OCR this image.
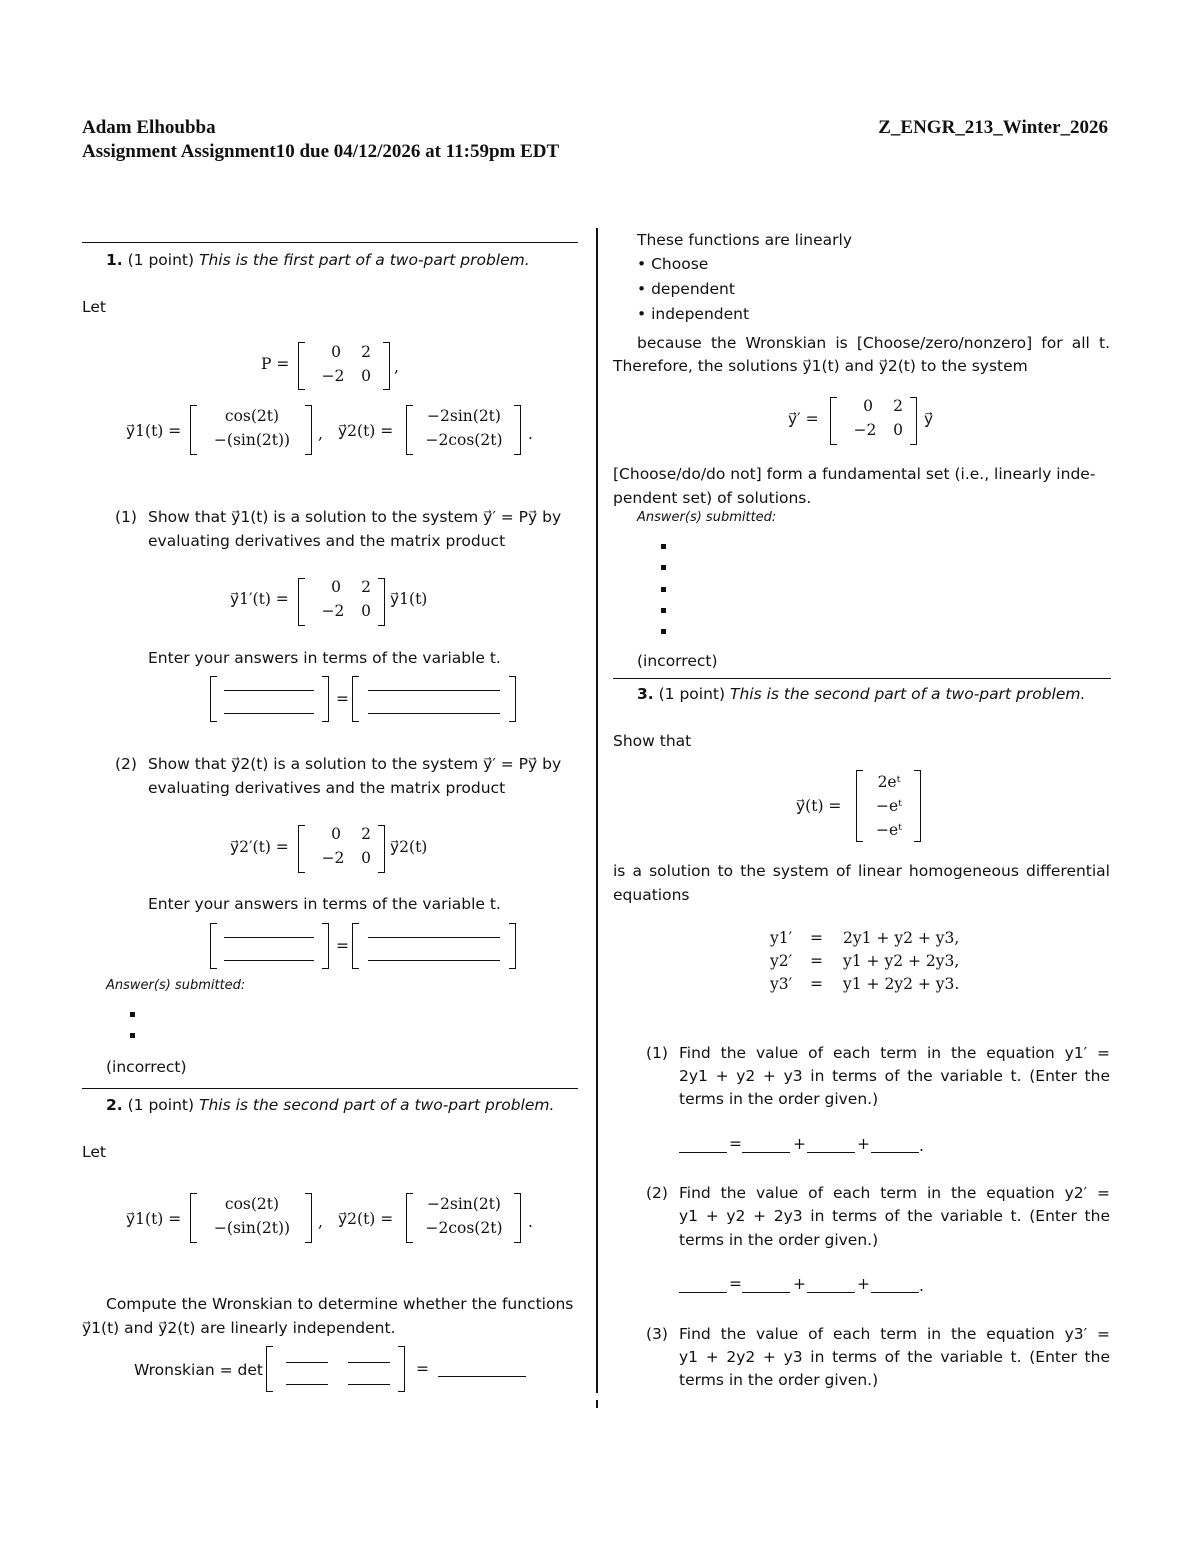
Adam Elhoubba	Z_ENGR_213_Winter_2026
Assignment Assignment10 due 04/12/2026 at 11:59pm EDT
1. (1 point) This is the first part of a two-part problem.
Let
P =
0	2
−2	0	,
y⃗1(t) =
cos(2t)
−(sin(2t))	, y⃗2(t) =
−2sin(2t)
−2cos(2t)	.
(1) Show that y⃗1(t) is a solution to the system y⃗′ = Py⃗ by
evaluating derivatives and the matrix product
y⃗1′(t) =
0	2
−2	0
y⃗1(t)
Enter your answers in terms of the variable t.
=
(2) Show that y⃗2(t) is a solution to the system y⃗′ = Py⃗ by
evaluating derivatives and the matrix product
y⃗2′(t) =
0	2
−2	0
y⃗2(t)
Enter your answers in terms of the variable t.
=
Answer(s) submitted:
(incorrect)
2. (1 point) This is the second part of a two-part problem.
Let
y⃗1(t) =
cos(2t)
−(sin(2t))	, y⃗2(t) =
−2sin(2t)
−2cos(2t)	.
Compute the Wronskian to determine whether the functions
y⃗1(t) and y⃗2(t) are linearly independent.
Wronskian = det	=
These functions are linearly
• Choose
• dependent
• independent
because the Wronskian is [Choose/zero/nonzero] for all t.
Therefore, the solutions y⃗1(t) and y⃗2(t) to the system
y⃗′ =
0	2
−2	0
y⃗
[Choose/do/do not] form a fundamental set (i.e., linearly inde-
pendent set) of solutions.
Answer(s) submitted:
(incorrect)
3. (1 point) This is the second part of a two-part problem.
Show that
y⃗(t) =
2eᵗ
−eᵗ
−eᵗ
is a solution to the system of linear homogeneous differential
equations
y1′ = 2y1 + y2 + y3,
y2′ = y1 + y2 + 2y3,
y3′ = y1 + 2y2 + y3.
(1) Find the value of each term in the equation y1′ =
2y1 + y2 + y3 in terms of the variable t. (Enter the
terms in the order given.)
=	+	+	.
(2) Find the value of each term in the equation y2′ =
y1 + y2 + 2y3 in terms of the variable t. (Enter the
terms in the order given.)
=	+	+	.
(3) Find the value of each term in the equation y3′ =
y1 + 2y2 + y3 in terms of the variable t. (Enter the
terms in the order given.)
